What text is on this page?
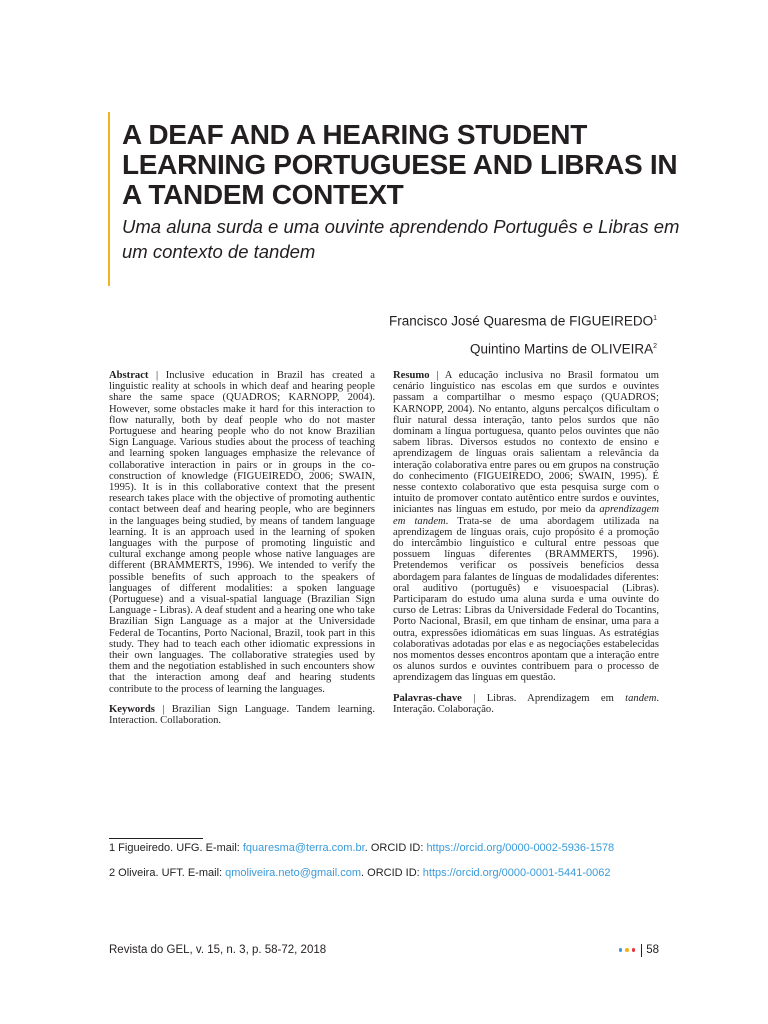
A DEAF AND A HEARING STUDENT LEARNING PORTUGUESE AND LIBRAS IN A TANDEM CONTEXT

Uma aluna surda e uma ouvinte aprendendo Português e Libras em um contexto de tandem

Francisco José Quaresma de FIGUEIREDO$^1$
Quintino Martins de OLIVEIRA$^2$

Abstract | Inclusive education in Brazil has created a linguistic reality at schools in which deaf and hearing people share the same space (QUADROS; KARNOPP, 2004). However, some obstacles make it hard for this interaction to flow naturally, both by deaf people who do not master Portuguese and hearing people who do not know Brazilian Sign Language. Various studies about the process of teaching and learning spoken languages emphasize the relevance of collaborative interaction in pairs or in groups in the co-construction of knowledge (FIGUEIREDO, 2006; SWAIN, 1995). It is in this collaborative context that the present research takes place with the objective of promoting authentic contact between deaf and hearing people, who are beginners in the languages being studied, by means of tandem language learning. It is an approach used in the learning of spoken languages with the purpose of promoting linguistic and cultural exchange among people whose native languages are different (BRAMMERTS, 1996). We intended to verify the possible benefits of such approach to the speakers of languages of different modalities: a spoken language (Portuguese) and a visual-spatial language (Brazilian Sign Language - Libras). A deaf student and a hearing one who take Brazilian Sign Language as a major at the Universidade Federal de Tocantins, Porto Nacional, Brazil, took part in this study. They had to teach each other idiomatic expressions in their own languages. The collaborative strategies used by them and the negotiation established in such encounters show that the interaction among deaf and hearing students contribute to the process of learning the languages.

Keywords | Brazilian Sign Language. Tandem learning. Interaction. Collaboration.

Resumo | A educação inclusiva no Brasil formatou um cenário linguístico nas escolas em que surdos e ouvintes passam a compartilhar o mesmo espaço (QUADROS; KARNOPP, 2004). No entanto, alguns percalços dificultam o fluir natural dessa interação, tanto pelos surdos que não dominam a língua portuguesa, quanto pelos ouvintes que não sabem libras. Diversos estudos no contexto de ensino e aprendizagem de línguas orais salientam a relevância da interação colaborativa entre pares ou em grupos na construção do conhecimento (FIGUEIREDO, 2006; SWAIN, 1995). É nesse contexto colaborativo que esta pesquisa surge com o intuito de promover contato autêntico entre surdos e ouvintes, iniciantes nas línguas em estudo, por meio da aprendizagem em tandem. Trata-se de uma abordagem utilizada na aprendizagem de línguas orais, cujo propósito é a promoção do intercâmbio linguístico e cultural entre pessoas que possuem línguas diferentes (BRAMMERTS, 1996). Pretendemos verificar os possíveis benefícios dessa abordagem para falantes de línguas de modalidades diferentes: oral auditivo (português) e visuoespacial (Libras). Participaram do estudo uma aluna surda e uma ouvinte do curso de Letras: Libras da Universidade Federal do Tocantins, Porto Nacional, Brasil, em que tinham de ensinar, uma para a outra, expressões idiomáticas em suas línguas. As estratégias colaborativas adotadas por elas e as negociações estabelecidas nos momentos desses encontros apontam que a interação entre os alunos surdos e ouvintes contribuem para o processo de aprendizagem das línguas em questão.

Palavras-chave | Libras. Aprendizagem em tandem. Interação. Colaboração.

1 Figueiredo. UFG. E-mail: fquaresma@terra.com.br. ORCID ID: https://orcid.org/0000-0002-5936-1578

2 Oliveira. UFT. E-mail: qmoliveira.neto@gmail.com. ORCID ID: https://orcid.org/0000-0001-5441-0062

Revista do GEL, v. 15, n. 3, p. 58-72, 2018	58
